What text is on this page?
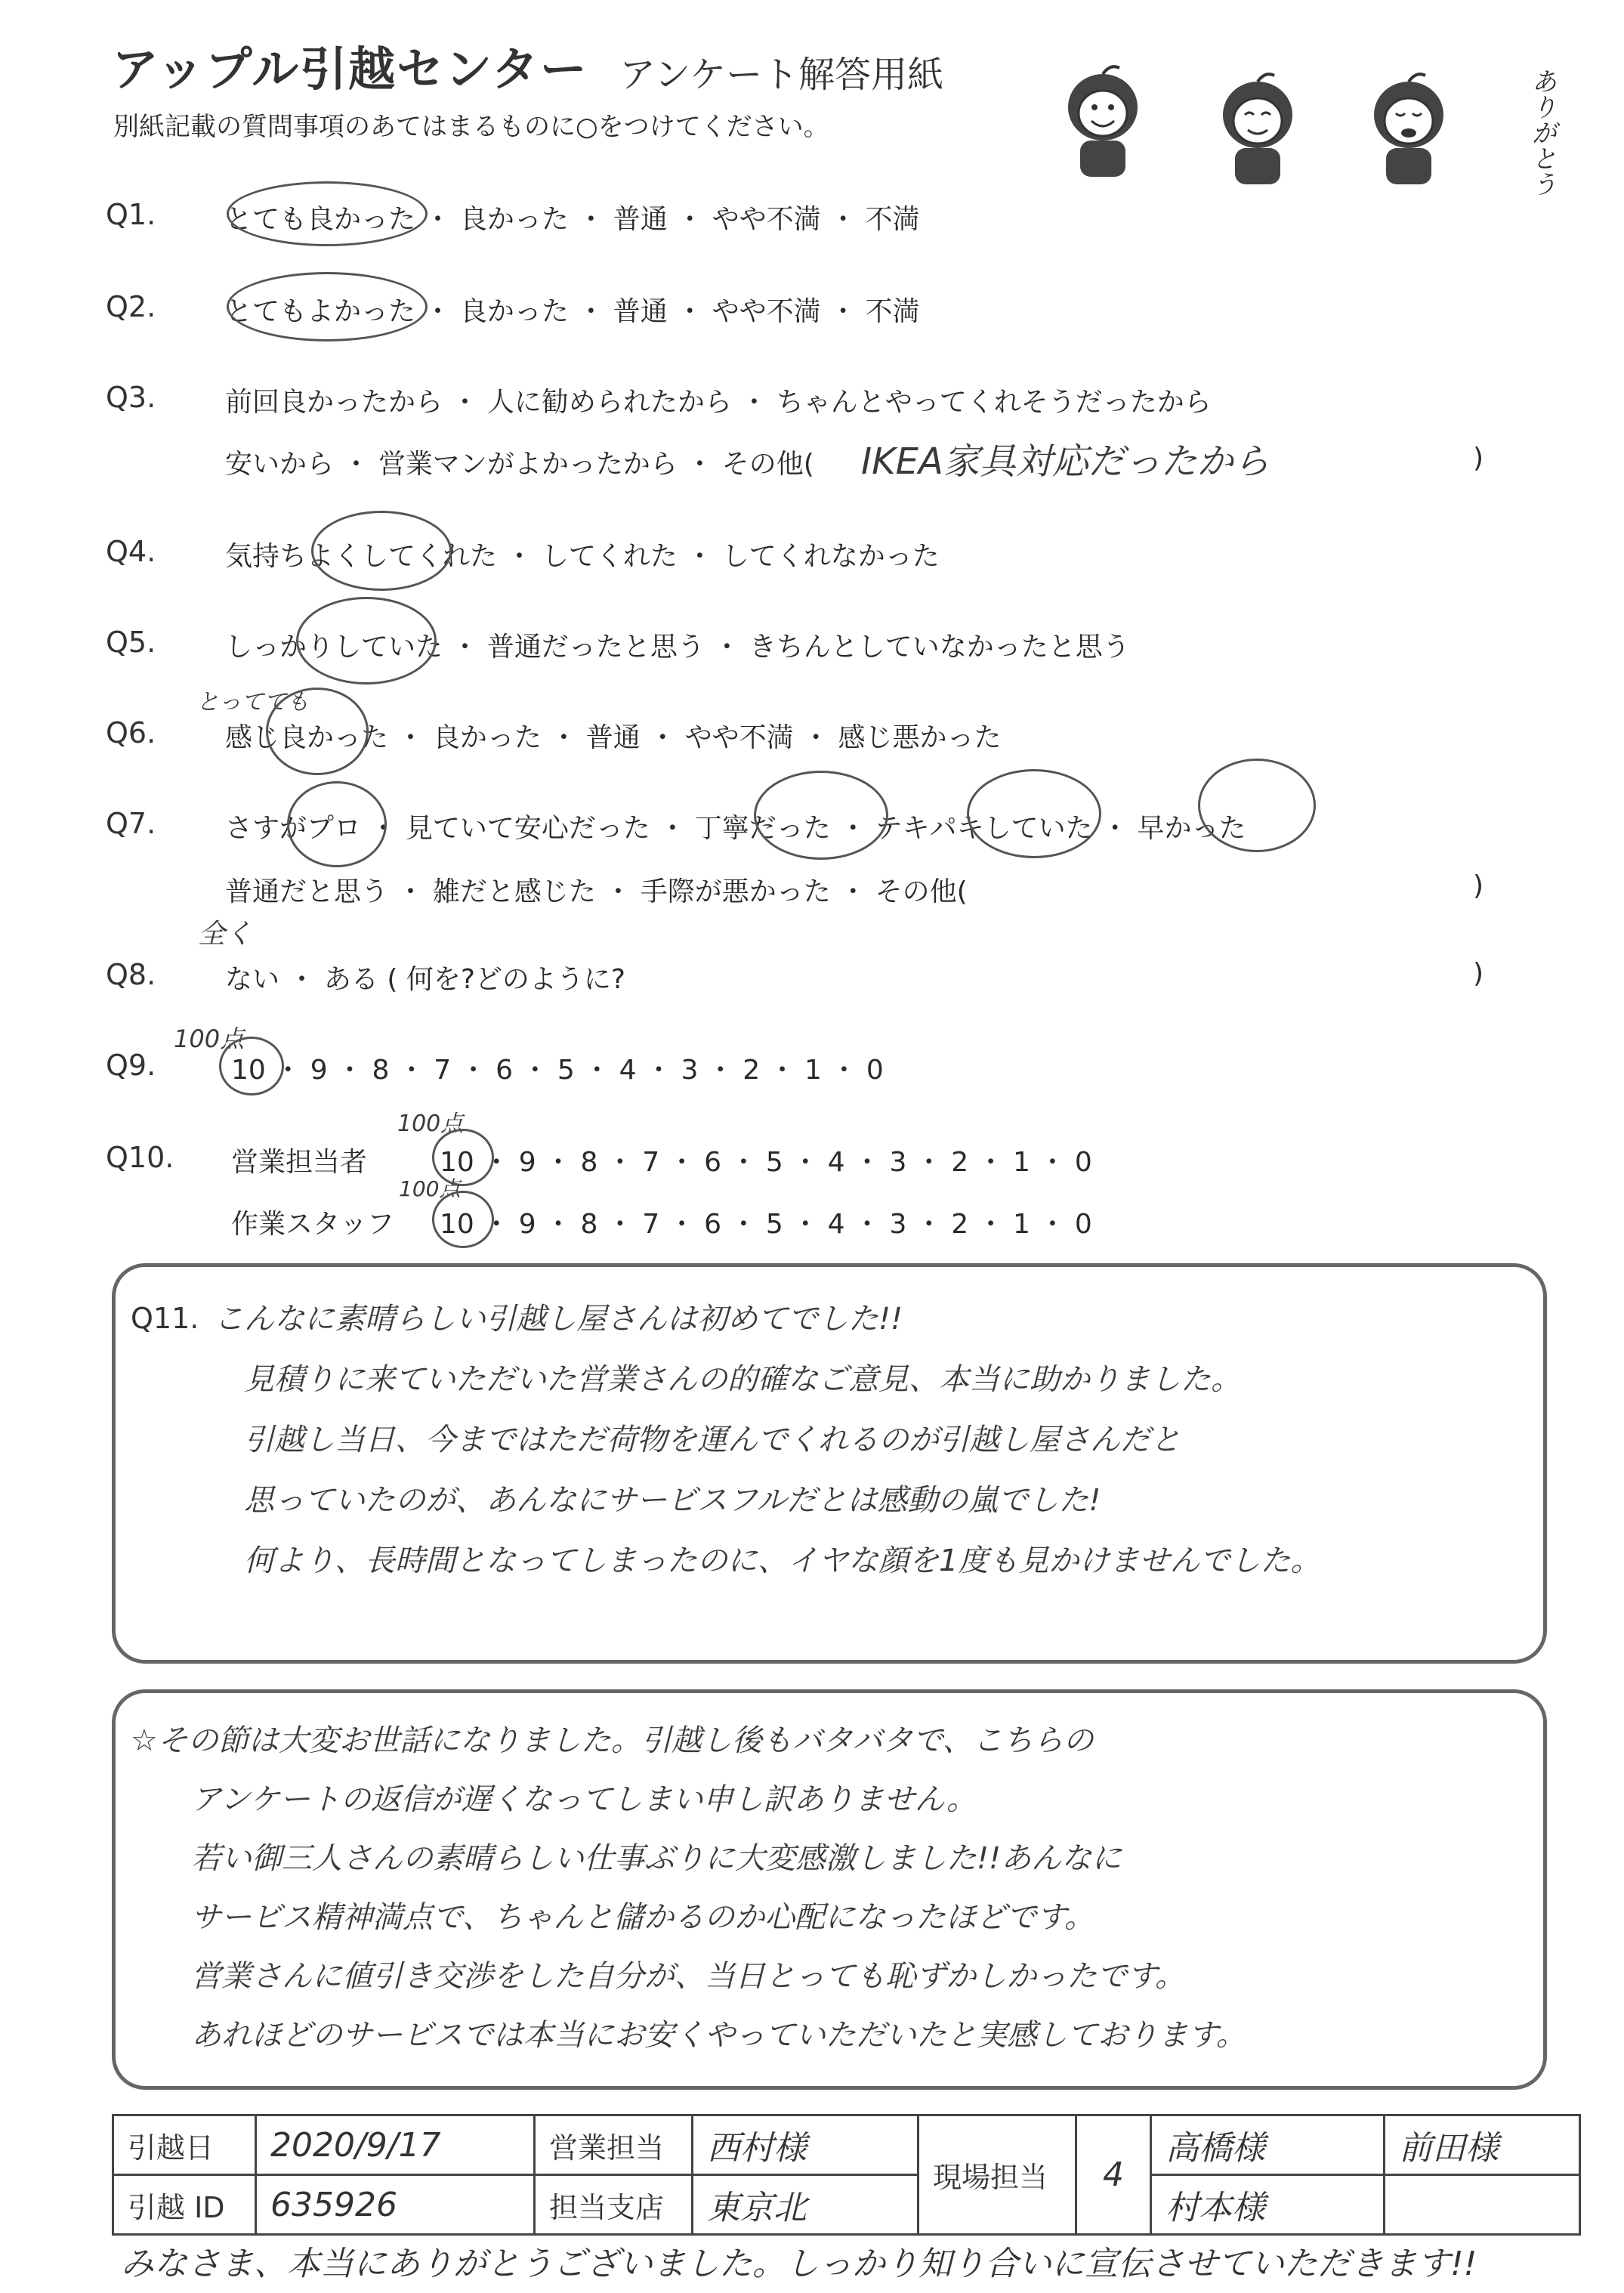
アップル引越センター アンケート解答用紙
別紙記載の質問事項のあてはまるものに○をつけてください。	ありがとう
Q1.	とても良かった ・ 良かった ・ 普通 ・ やや不満 ・ 不満
Q2.	とてもよかった ・ 良かった ・ 普通 ・ やや不満 ・ 不満
Q3.	前回良かったから ・ 人に勧められたから ・ ちゃんとやってくれそうだったから
安いから ・ 営業マンがよかったから ・ その他( IKEA家具対応だったから	)
Q4.	気持ちよくしてくれた ・ してくれた ・ してくれなかった
Q5.	しっかりしていた ・ 普通だったと思う ・ きちんとしていなかったと思う
とってても
Q6.	感じ良かった ・ 良かった ・ 普通 ・ やや不満 ・ 感じ悪かった
Q7.	さすがプロ ・ 見ていて安心だった ・ 丁寧だった ・ テキパキしていた ・ 早かった
普通だと思う ・ 雑だと感じた ・ 手際が悪かった ・ その他(	)
全く
Q8.	ない ・ ある ( 何を?どのように?	)
100点
Q9.	10 ・ 9 ・ 8 ・ 7 ・ 6 ・ 5 ・ 4 ・ 3 ・ 2 ・ 1 ・ 0
100点
Q10. 営業担当者	10 ・ 9 ・ 8 ・ 7 ・ 6 ・ 5 ・ 4 ・ 3 ・ 2 ・ 1 ・ 0
100点
作業スタッフ 10 ・ 9 ・ 8 ・ 7 ・ 6 ・ 5 ・ 4 ・ 3 ・ 2 ・ 1 ・ 0
Q11. こんなに素晴らしい引越し屋さんは初めてでした!!
見積りに来ていただいた営業さんの的確なご意見、本当に助かりました。
引越し当日、今まではただ荷物を運んでくれるのが引越し屋さんだと
思っていたのが、あんなにサービスフルだとは感動の嵐でした!
何より、長時間となってしまったのに、イヤな顔を1度も見かけませんでした。
☆その節は大変お世話になりました。引越し後もバタバタで、こちらの
アンケートの返信が遅くなってしまい申し訳ありません。
若い御三人さんの素晴らしい仕事ぶりに大変感激しました!!あんなに
サービス精神満点で、ちゃんと儲かるのか心配になったほどです。
営業さんに値引き交渉をした自分が、当日とっても恥ずかしかったです。
あれほどのサービスでは本当にお安くやっていただいたと実感しております。
引越日	2020/9/17	営業担当	西村様	現場担当	4	高橋様	前田様
引越 ID	635926	担当支店	東京北			村本様	
みなさま、本当にありがとうございました。しっかり知り合いに宣伝させていただきます!!
